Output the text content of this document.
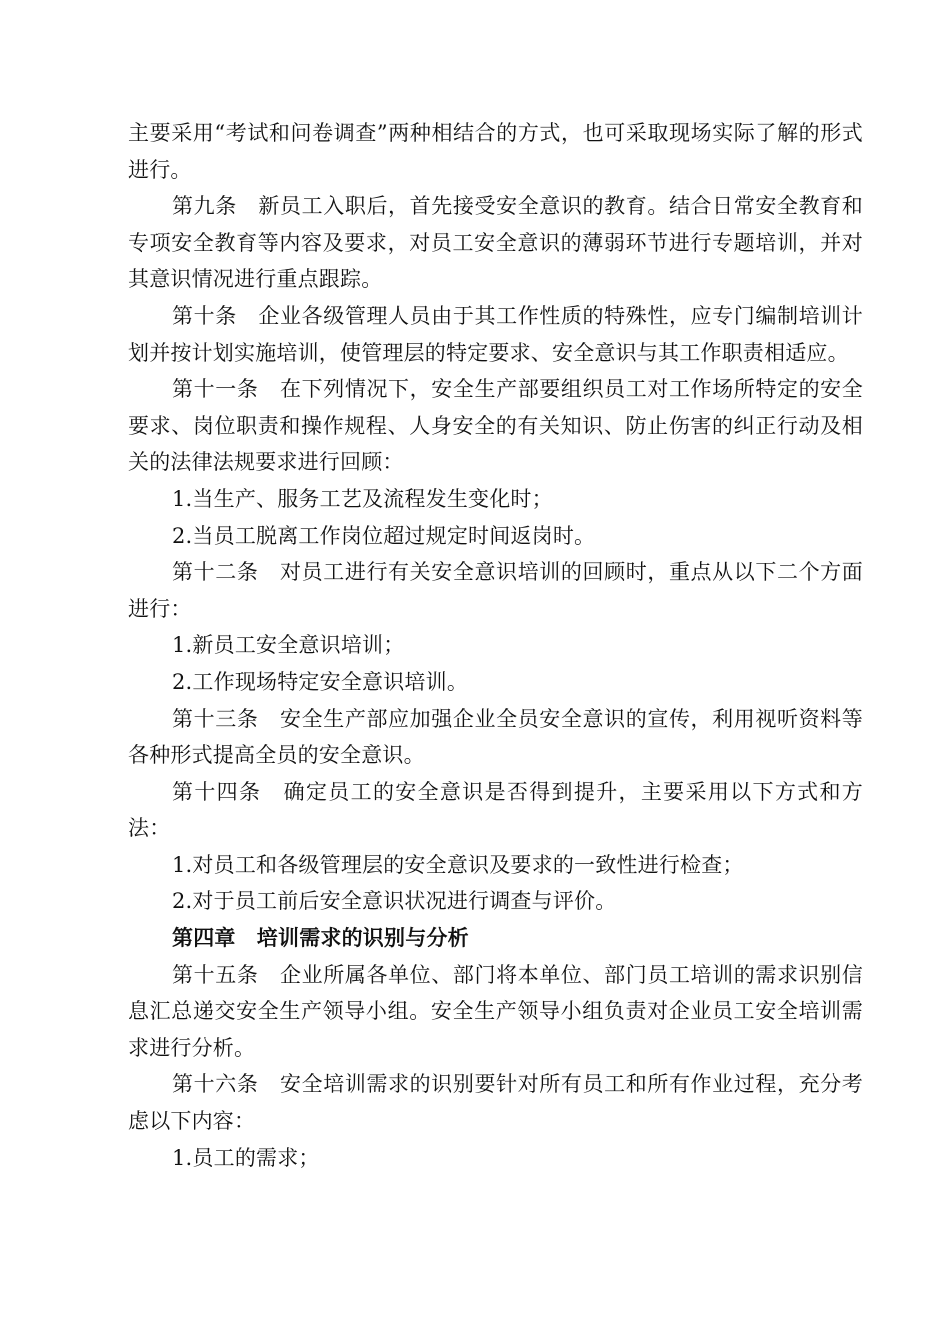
主要采用“考试和问卷调查”两种相结合的方式，也可采取现场实际了解的形式进行。

第九条　新员工入职后，首先接受安全意识的教育。结合日常安全教育和专项安全教育等内容及要求，对员工安全意识的薄弱环节进行专题培训，并对其意识情况进行重点跟踪。

第十条　企业各级管理人员由于其工作性质的特殊性，应专门编制培训计划并按计划实施培训，使管理层的特定要求、安全意识与其工作职责相适应。

第十一条　在下列情况下，安全生产部要组织员工对工作场所特定的安全要求、岗位职责和操作规程、人身安全的有关知识、防止伤害的纠正行动及相关的法律法规要求进行回顾：

1.当生产、服务工艺及流程发生变化时；

2.当员工脱离工作岗位超过规定时间返岗时。

第十二条　对员工进行有关安全意识培训的回顾时，重点从以下二个方面进行：

1.新员工安全意识培训；

2.工作现场特定安全意识培训。

第十三条　安全生产部应加强企业全员安全意识的宣传，利用视听资料等各种形式提高全员的安全意识。

第十四条　确定员工的安全意识是否得到提升，主要采用以下方式和方法：

1.对员工和各级管理层的安全意识及要求的一致性进行检查；

2.对于员工前后安全意识状况进行调查与评价。

第四章　培训需求的识别与分析

第十五条　企业所属各单位、部门将本单位、部门员工培训的需求识别信息汇总递交安全生产领导小组。安全生产领导小组负责对企业员工安全培训需求进行分析。

第十六条　安全培训需求的识别要针对所有员工和所有作业过程，充分考虑以下内容：

1.员工的需求；
